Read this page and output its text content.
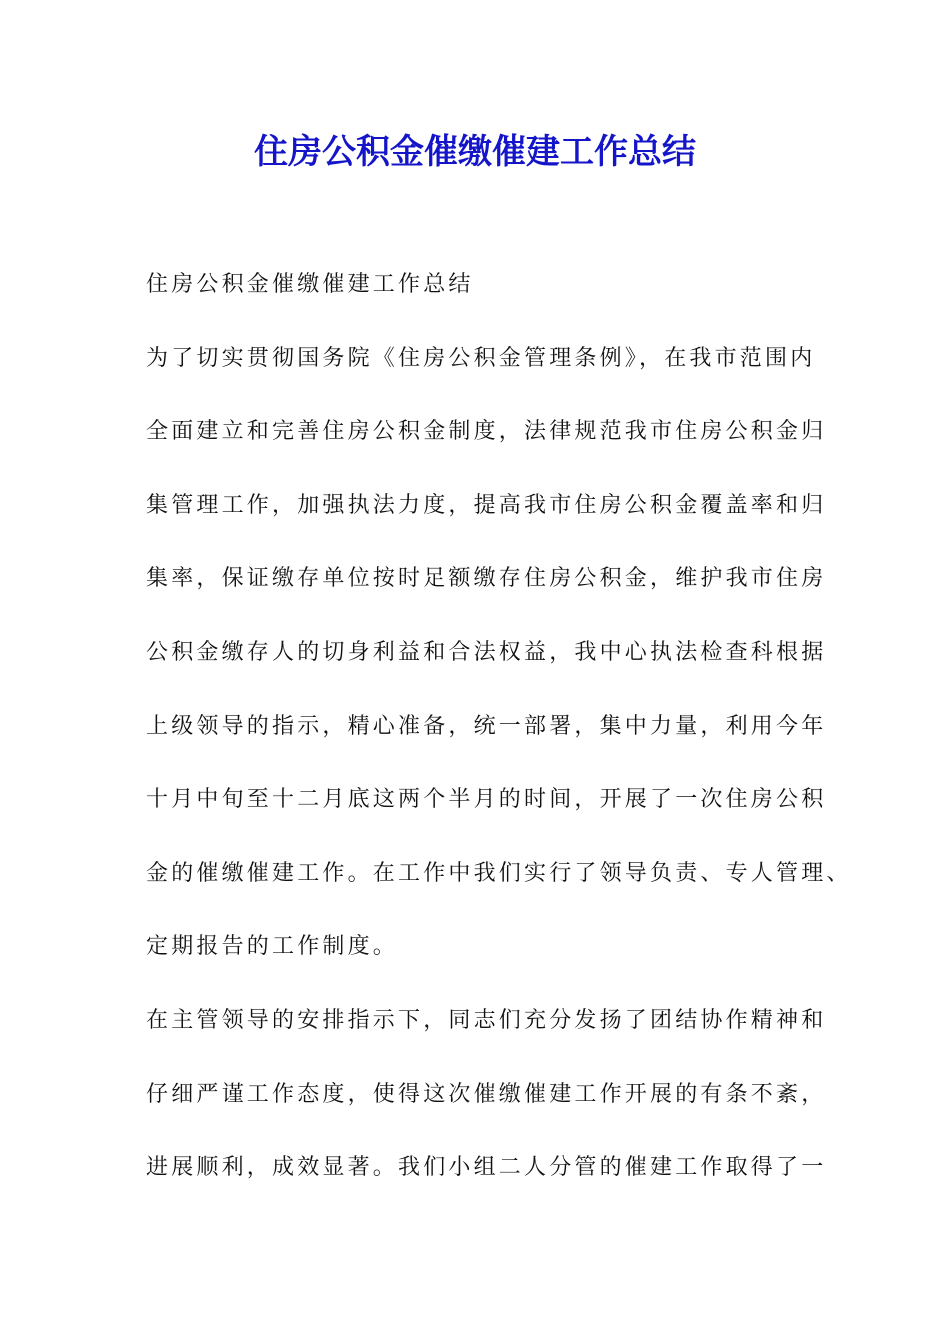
住房公积金催缴催建工作总结
住房公积金催缴催建工作总结
为了切实贯彻国务院《住房公积金管理条例》，在我市范围内
全面建立和完善住房公积金制度，法律规范我市住房公积金归
集管理工作，加强执法力度，提高我市住房公积金覆盖率和归
集率，保证缴存单位按时足额缴存住房公积金，维护我市住房
公积金缴存人的切身利益和合法权益，我中心执法检查科根据
上级领导的指示，精心准备，统一部署，集中力量，利用今年
十月中旬至十二月底这两个半月的时间，开展了一次住房公积
金的催缴催建工作。在工作中我们实行了领导负责、专人管理、
定期报告的工作制度。
在主管领导的安排指示下，同志们充分发扬了团结协作精神和
仔细严谨工作态度，使得这次催缴催建工作开展的有条不紊，
进展顺利，成效显著。我们小组二人分管的催建工作取得了一
